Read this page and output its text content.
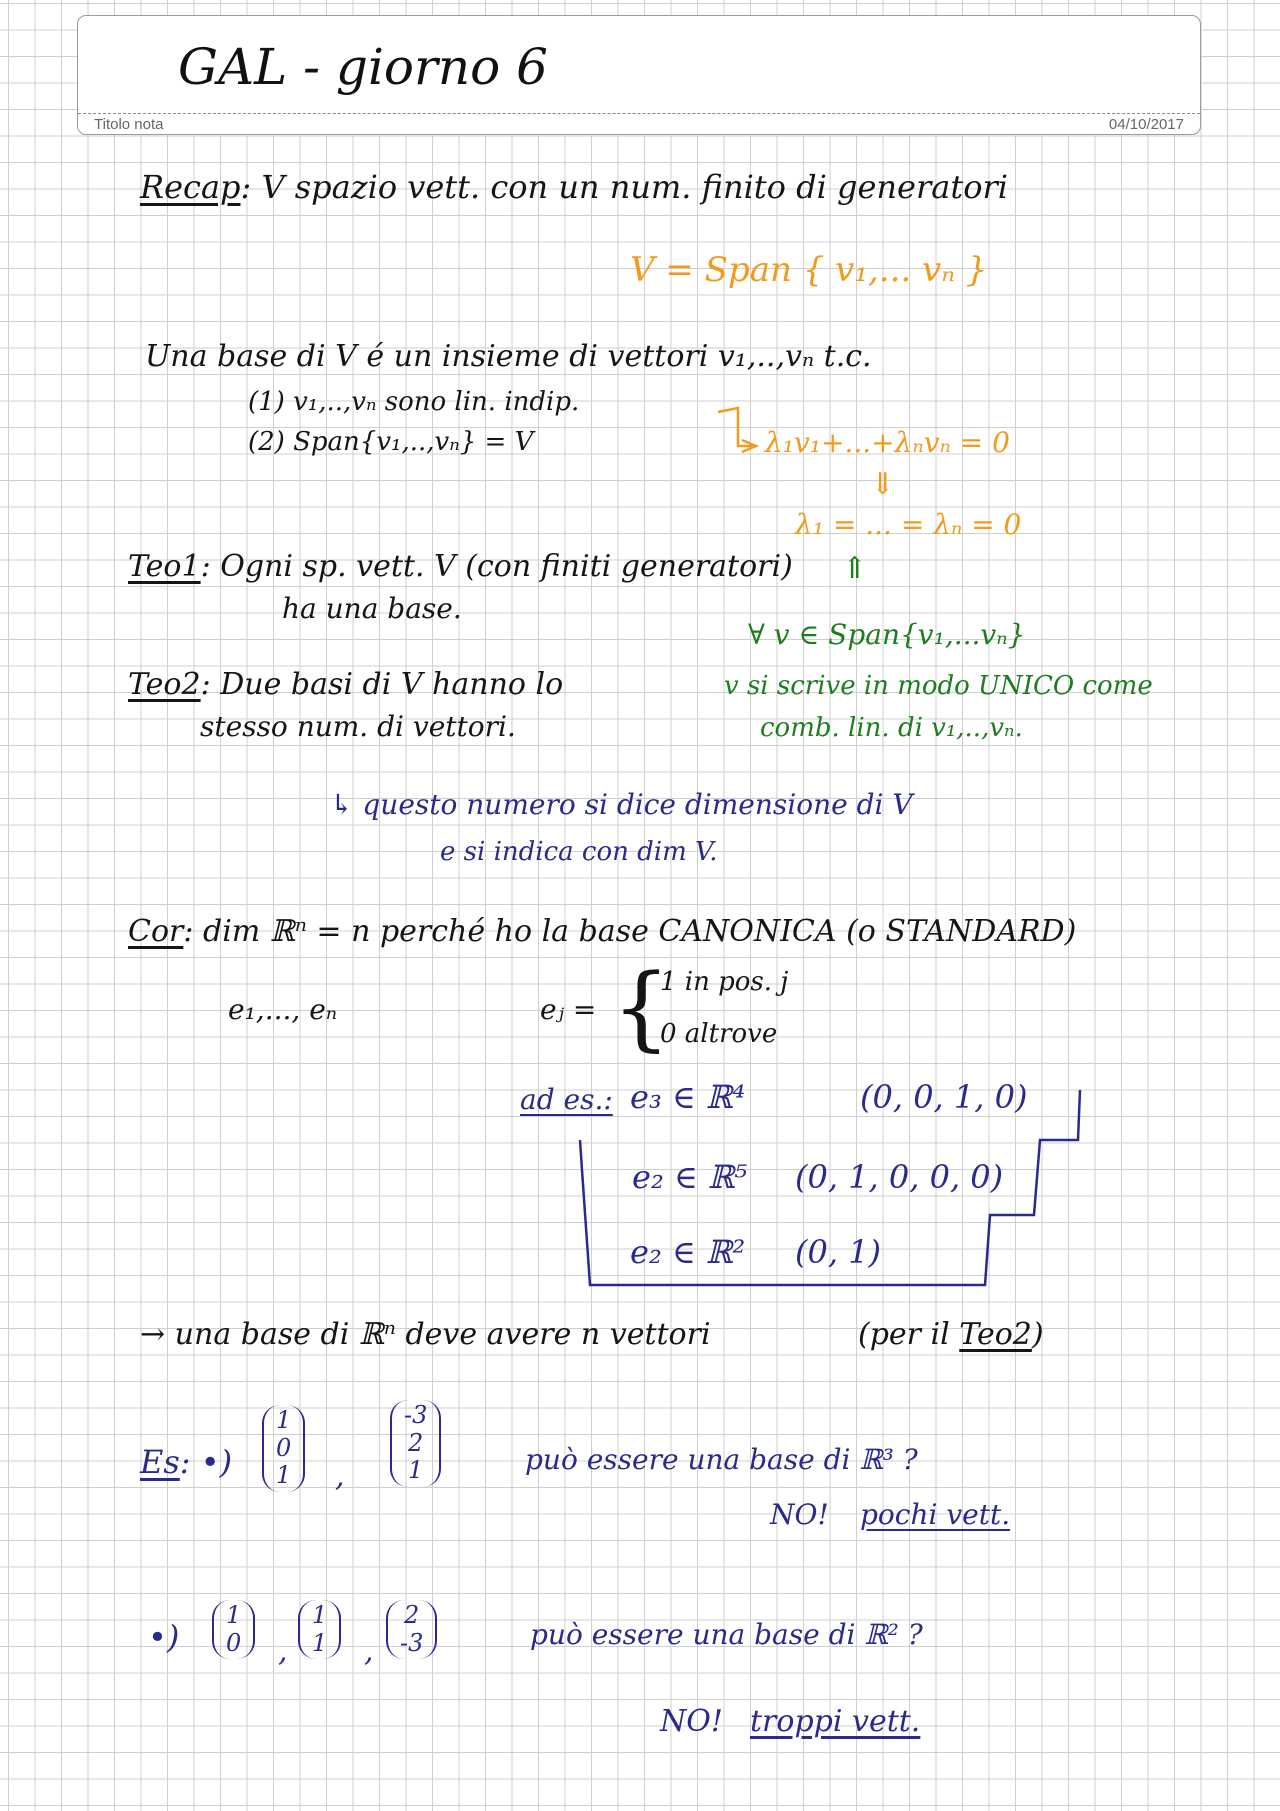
GAL - giorno 6
Titolo nota	04/10/2017
Recap: V spazio vett. con un num. finito di generatori
V = Span { v₁,... vₙ }
Una base di V é un insieme di vettori v₁,..,vₙ t.c.
(1) v₁,..,vₙ sono lin. indip.
(2) Span{v₁,..,vₙ} = V	λ₁v₁+...+λₙvₙ = 0
⇓
λ₁ = ... = λₙ = 0
⇑
∀ v ∈ Span{v₁,...vₙ}
v si scrive in modo UNICO come
comb. lin. di v₁,..,vₙ.
Teo1: Ogni sp. vett. V (con finiti generatori)
ha una base.
Teo2: Due basi di V hanno lo
stesso num. di vettori.
↳ questo numero si dice dimensione di V
e si indica con dim V.
Cor: dim ℝⁿ = n perché ho la base CANONICA (o STANDARD)
e₁,..., eₙ	eⱼ = {
1 in pos. j
0 altrove
ad es.: e₃ ∈ ℝ⁴	(0, 0, 1, 0)
e₂ ∈ ℝ⁵ (0, 1, 0, 0, 0)
e₂ ∈ ℝ² (0, 1)
→ una base di ℝⁿ deve avere n vettori	(per il Teo2)
Es: •)
1
0
1 ,
-3
2
1	può essere una base di ℝ³ ?
NO! pochi vett.
•)
1
0 ,
1
1 ,
2
-3	può essere una base di ℝ² ?
NO! troppi vett.
